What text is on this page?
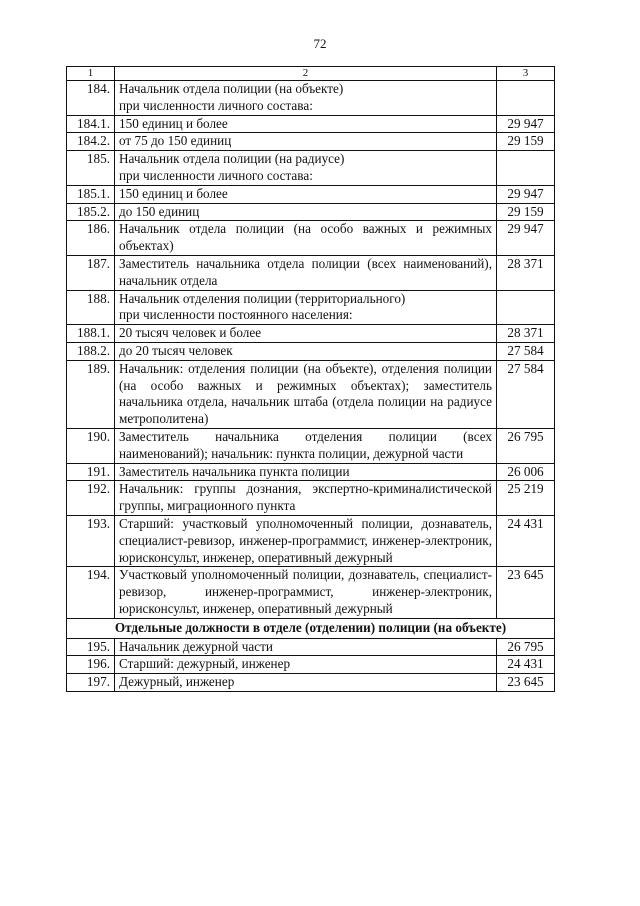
72
1	2	3
184.	Начальник отдела полиции (на объекте)
при численности личного состава:	

184.1.	150 единиц и более	29 947
184.2.	от 75 до 150 единиц	29 159
185.	Начальник отдела полиции (на радиусе)
при численности личного состава:	

185.1.	150 единиц и более	29 947
185.2.	до 150 единиц	29 159
186.	Начальник отдела полиции (на особо важных и режимных объектах)	29 947
187.	Заместитель начальника отдела полиции (всех наименований), начальник отдела	28 371
188.	Начальник отделения полиции (территориального)
при численности постоянного населения:	

188.1.	20 тысяч человек и более	28 371
188.2.	до 20 тысяч человек	27 584
189.	Начальник: отделения полиции (на объекте), отделения полиции (на особо важных и режимных объектах); заместитель начальника отдела, начальник штаба (отдела полиции на радиусе метрополитена)	27 584
190.	Заместитель начальника отделения полиции (всех наименований); начальник: пункта полиции, дежурной части	26 795
191.	Заместитель начальника пункта полиции	26 006
192.	Начальник: группы дознания, экспертно-криминалистической группы, миграционного пункта	25 219
193.	Старший: участковый уполномоченный полиции, дознаватель, специалист-ревизор, инженер-программист, инженер-электроник, юрисконсульт, инженер, оперативный дежурный	24 431
194.	Участковый уполномоченный полиции, дознаватель, специалист-ревизор, инженер-программист, инженер-электроник, юрисконсульт, инженер, оперативный дежурный	23 645
Отдельные должности в отделе (отделении) полиции (на объекте)		
195.	Начальник дежурной части	26 795
196.	Старший: дежурный, инженер	24 431
197.	Дежурный, инженер	23 645
